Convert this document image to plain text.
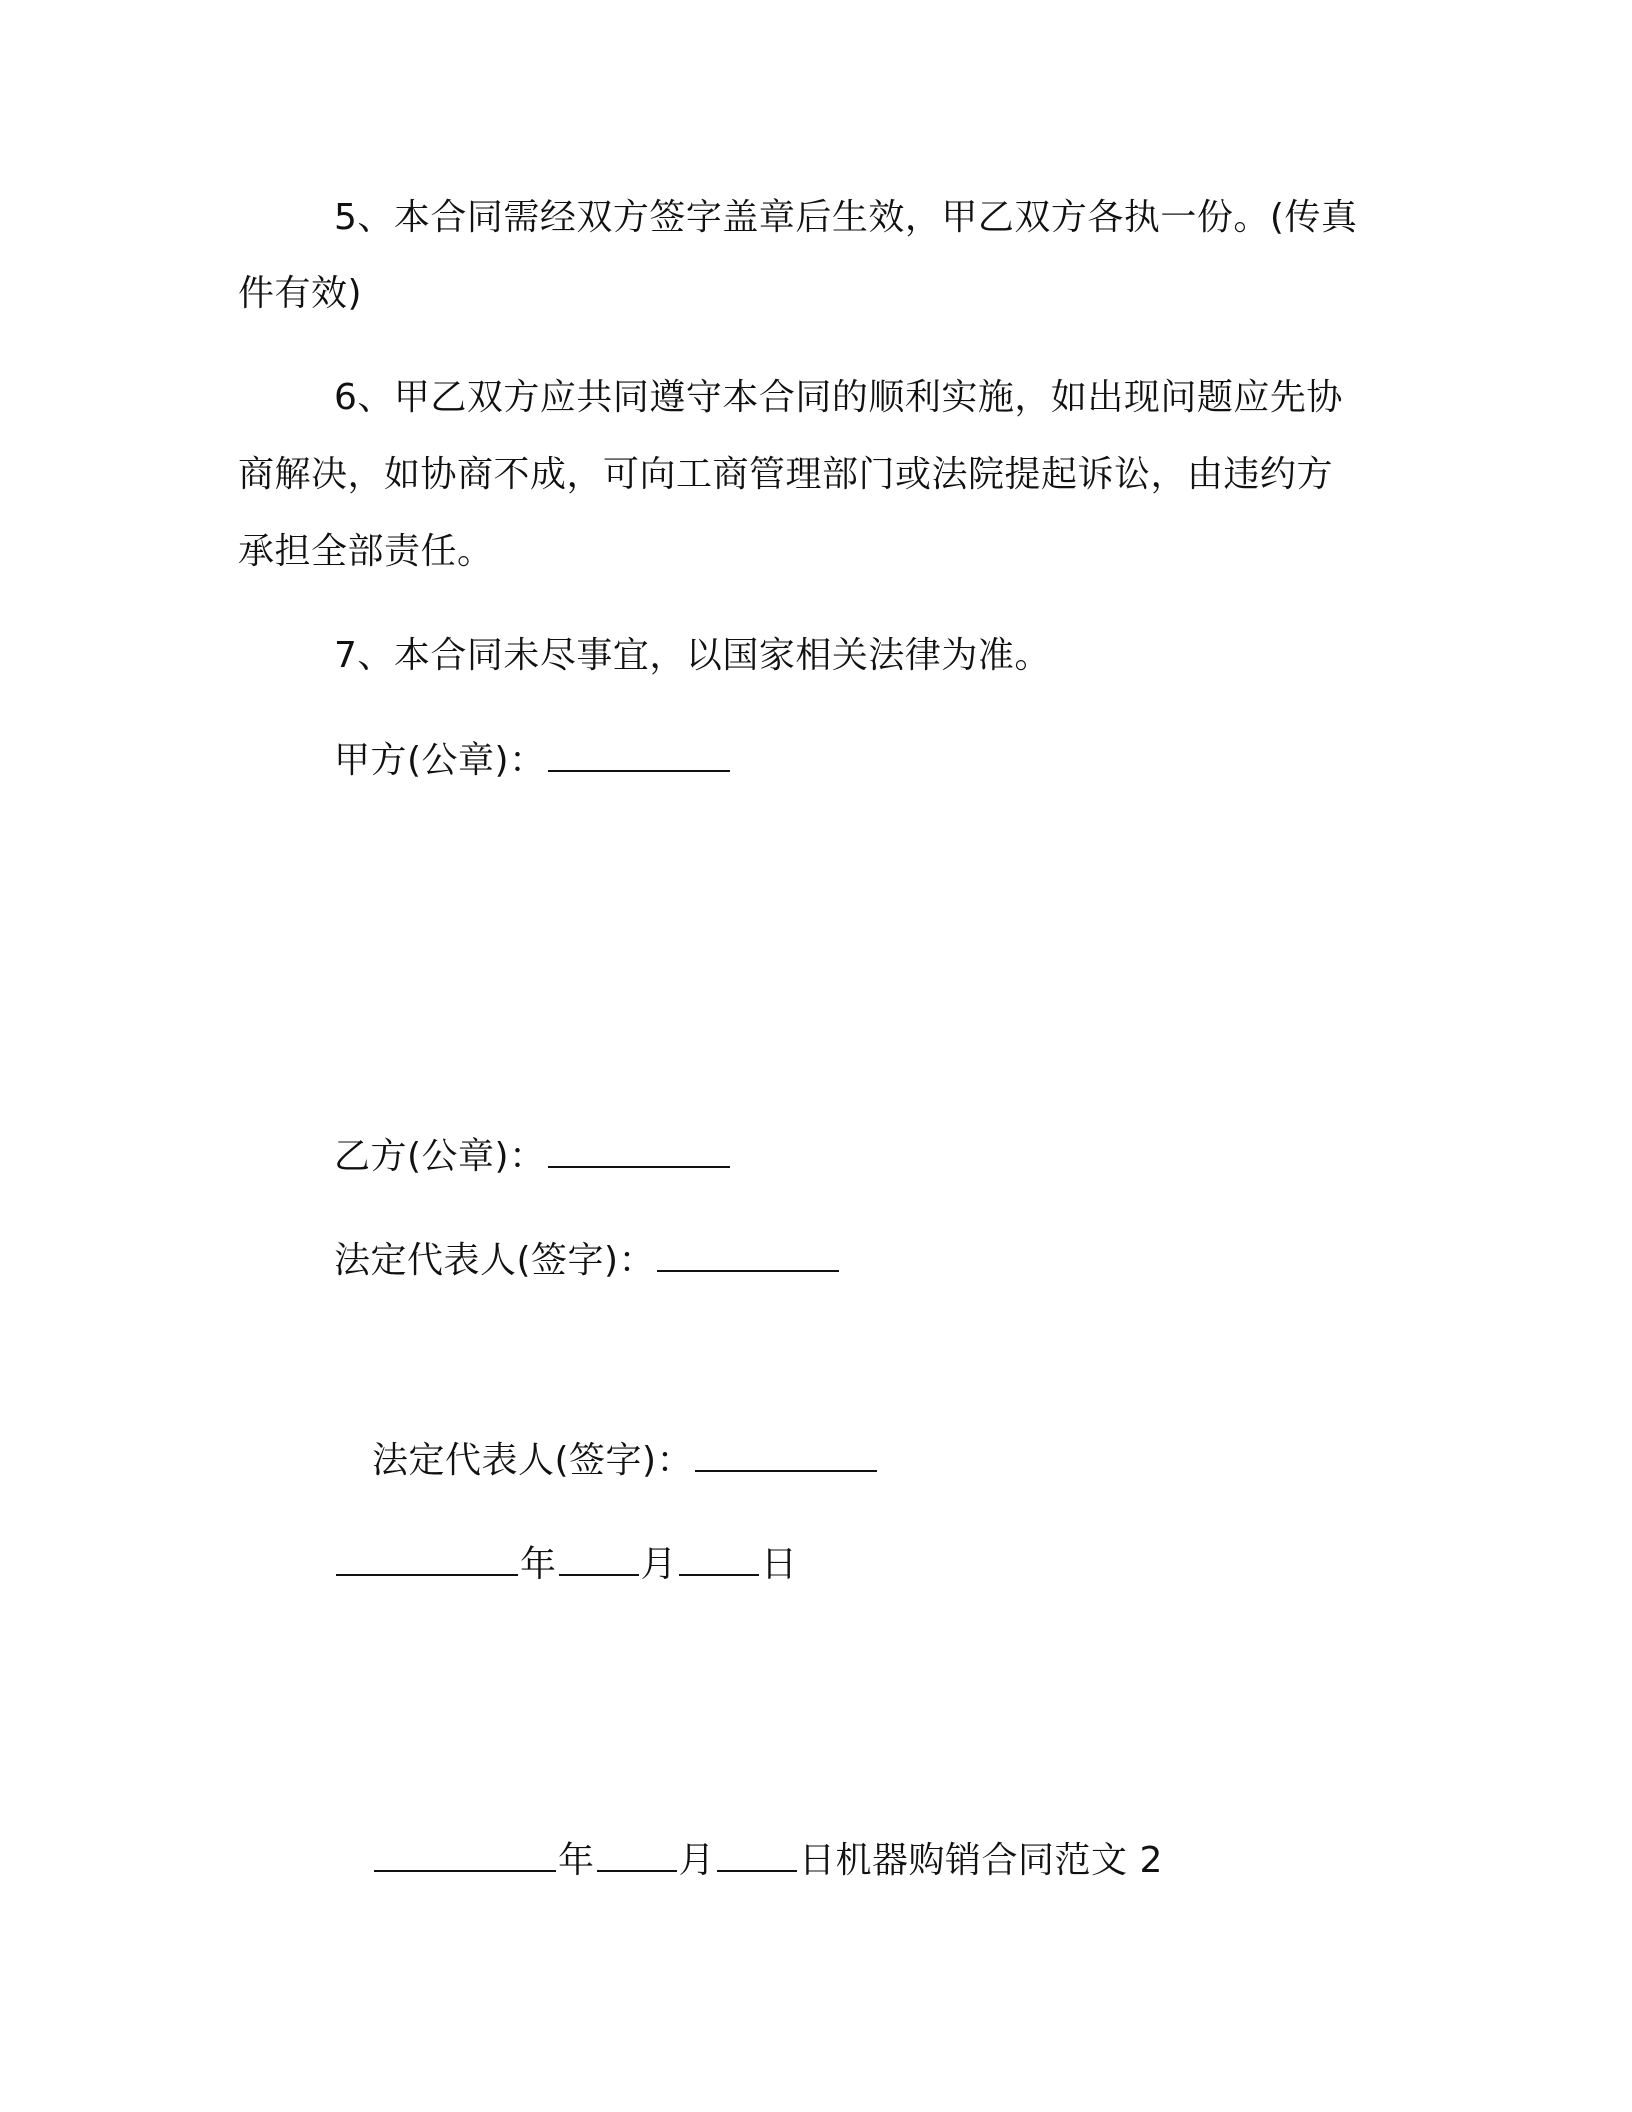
5、本合同需经双方签字盖章后生效，甲乙双方各执一份。(传真
件有效)
6、甲乙双方应共同遵守本合同的顺利实施，如出现问题应先协
商解决，如协商不成，可向工商管理部门或法院提起诉讼，由违约方
承担全部责任。
7、本合同未尽事宜，以国家相关法律为准。
甲方(公章)：
乙方(公章)：
法定代表人(签字)：
法定代表人(签字)：
年 月 日
年 月 日机器购销合同范文 2
